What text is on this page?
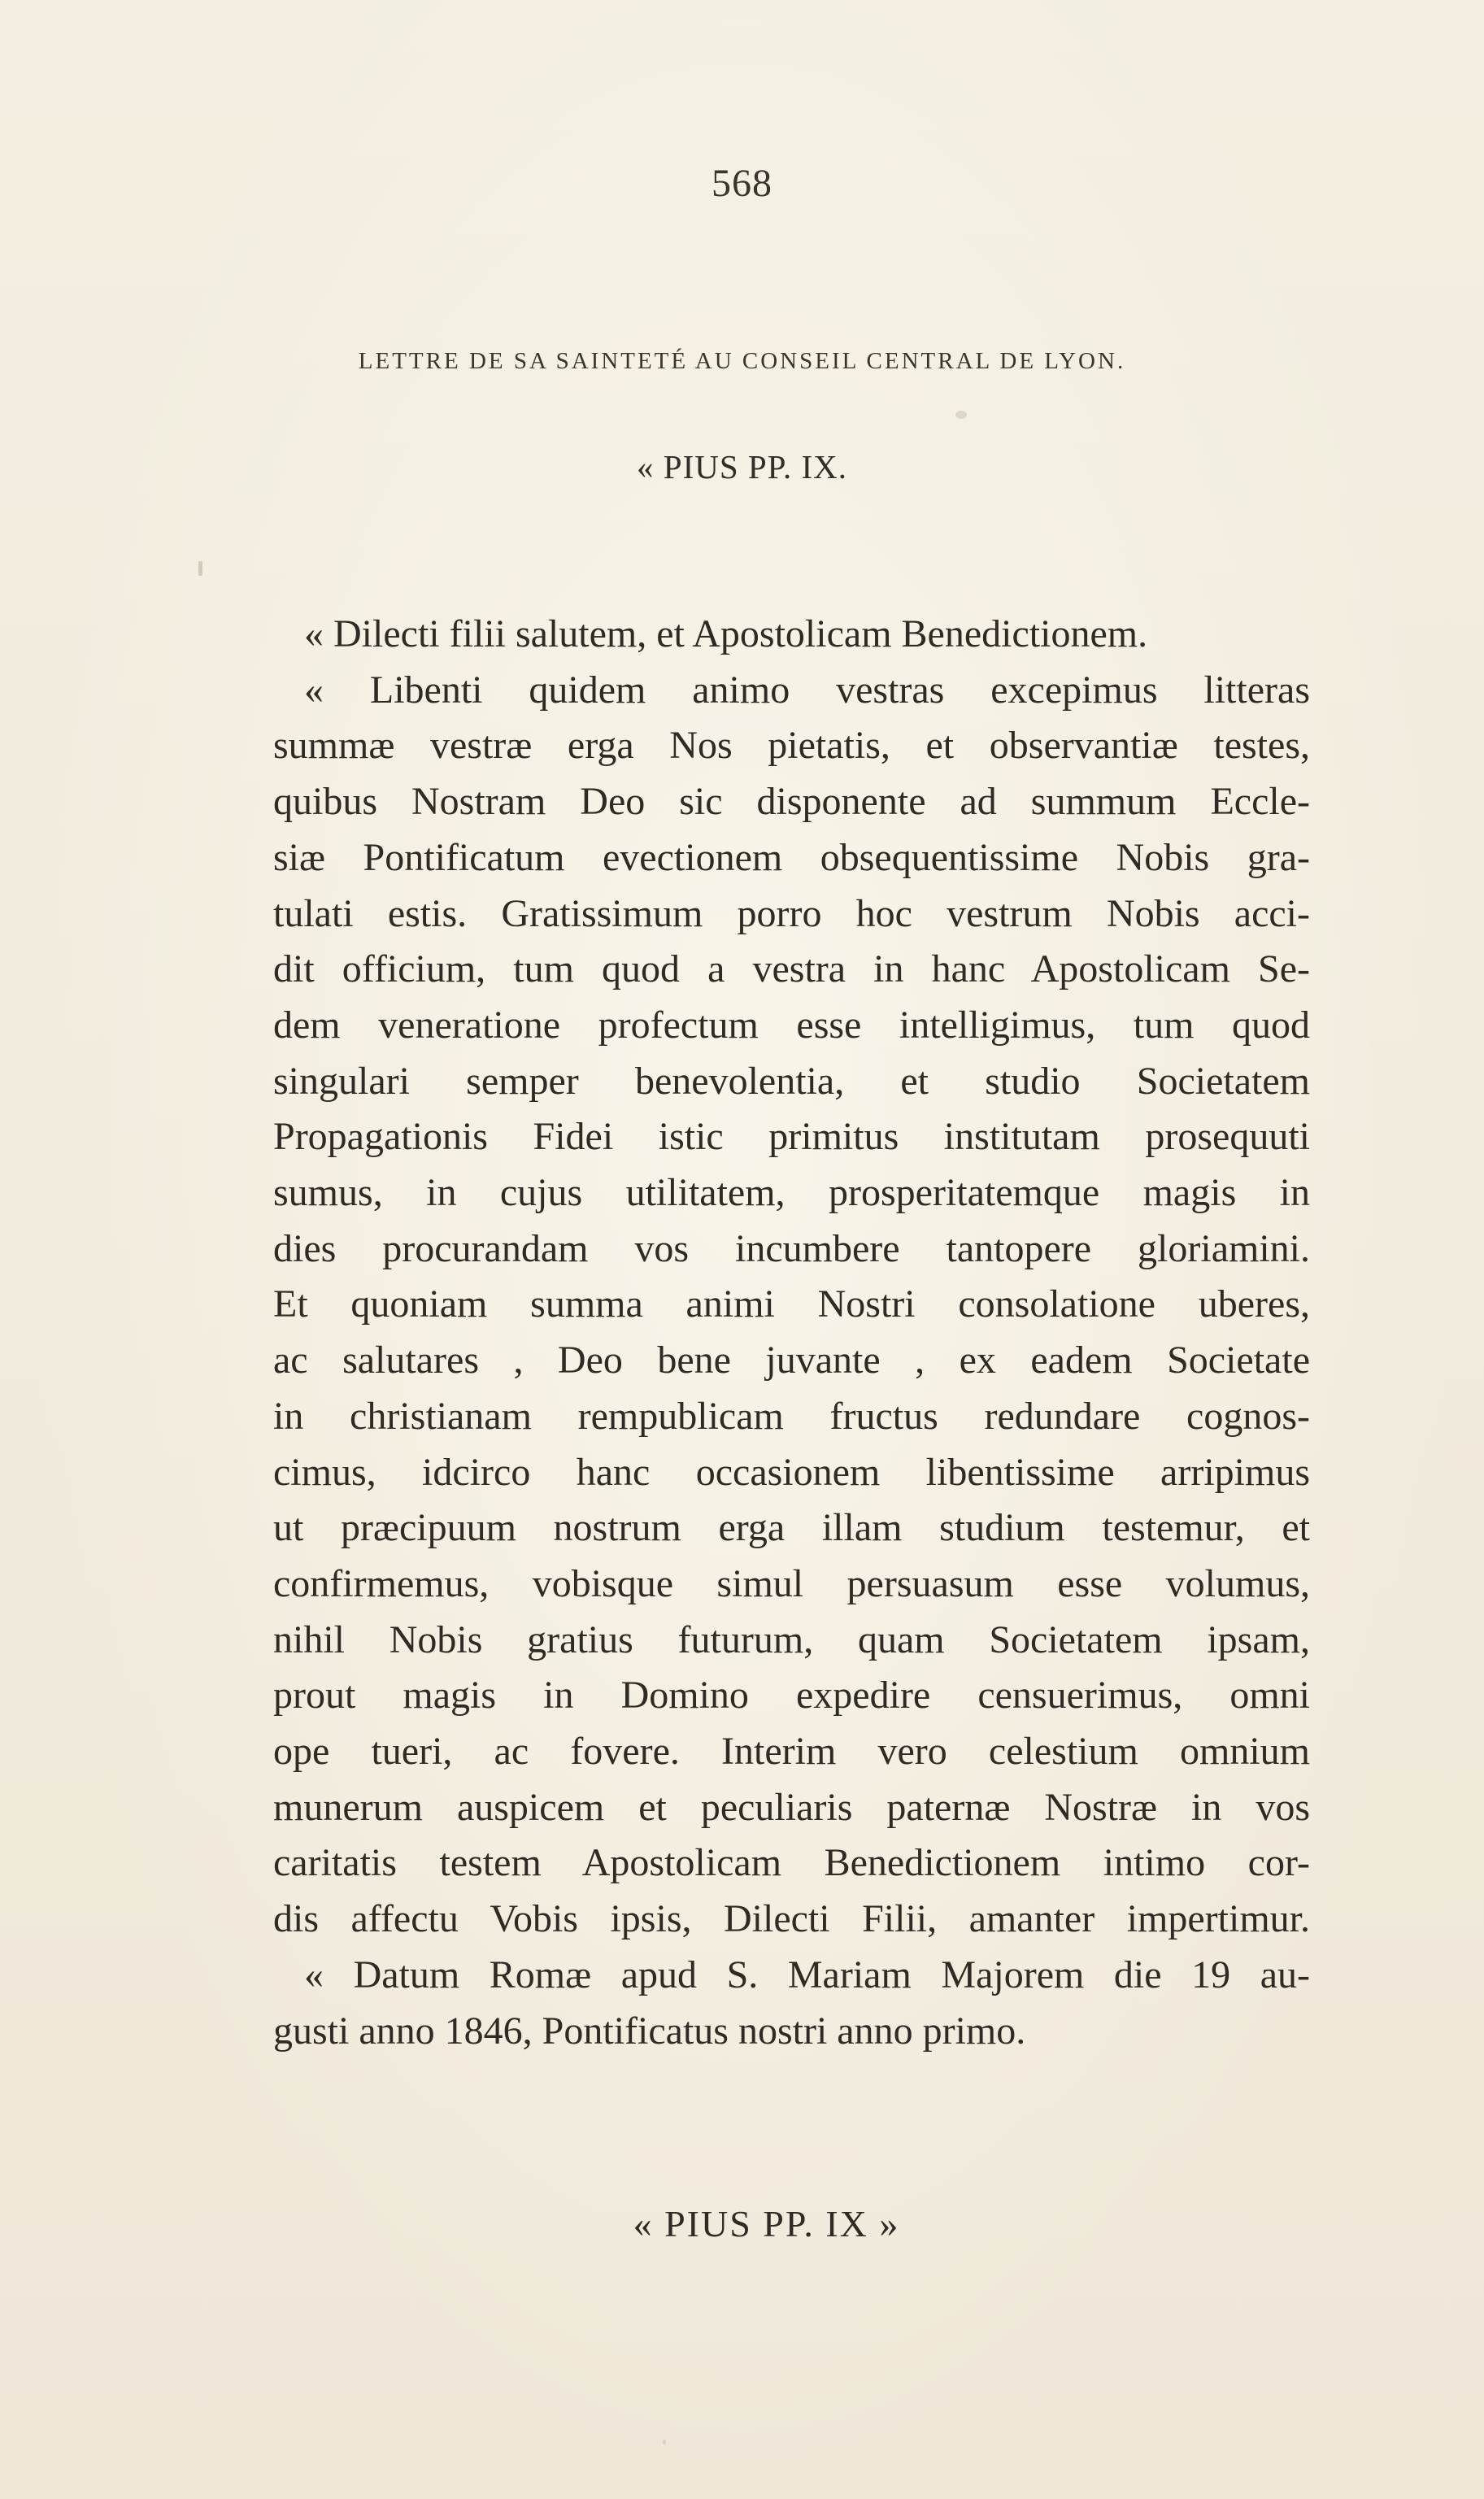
568
LETTRE DE SA SAINTETÉ AU CONSEIL CENTRAL DE LYON.
« PIUS PP. IX.
« Dilecti filii salutem, et Apostolicam Benedictionem.
« Libenti quidem animo vestras excepimus litteras
summæ vestræ erga Nos pietatis, et observantiæ testes,
quibus Nostram Deo sic disponente ad summum Eccle-
siæ Pontificatum evectionem obsequentissime Nobis gra-
tulati estis. Gratissimum porro hoc vestrum Nobis acci-
dit officium, tum quod a vestra in hanc Apostolicam Se-
dem veneratione profectum esse intelligimus, tum quod
singulari semper benevolentia, et studio Societatem
Propagationis Fidei istic primitus institutam prosequuti
sumus, in cujus utilitatem, prosperitatemque magis in
dies procurandam vos incumbere tantopere gloriamini.
Et quoniam summa animi Nostri consolatione uberes,
ac salutares , Deo bene juvante , ex eadem Societate
in christianam rempublicam fructus redundare cognos-
cimus, idcirco hanc occasionem libentissime arripimus
ut præcipuum nostrum erga illam studium testemur, et
confirmemus, vobisque simul persuasum esse volumus,
nihil Nobis gratius futurum, quam Societatem ipsam,
prout magis in Domino expedire censuerimus, omni
ope tueri, ac fovere. Interim vero celestium omnium
munerum auspicem et peculiaris paternæ Nostræ in vos
caritatis testem Apostolicam Benedictionem intimo cor-
dis affectu Vobis ipsis, Dilecti Filii, amanter impertimur.
« Datum Romæ apud S. Mariam Majorem die 19 au-
gusti anno 1846, Pontificatus nostri anno primo.
« PIUS PP. IX »
